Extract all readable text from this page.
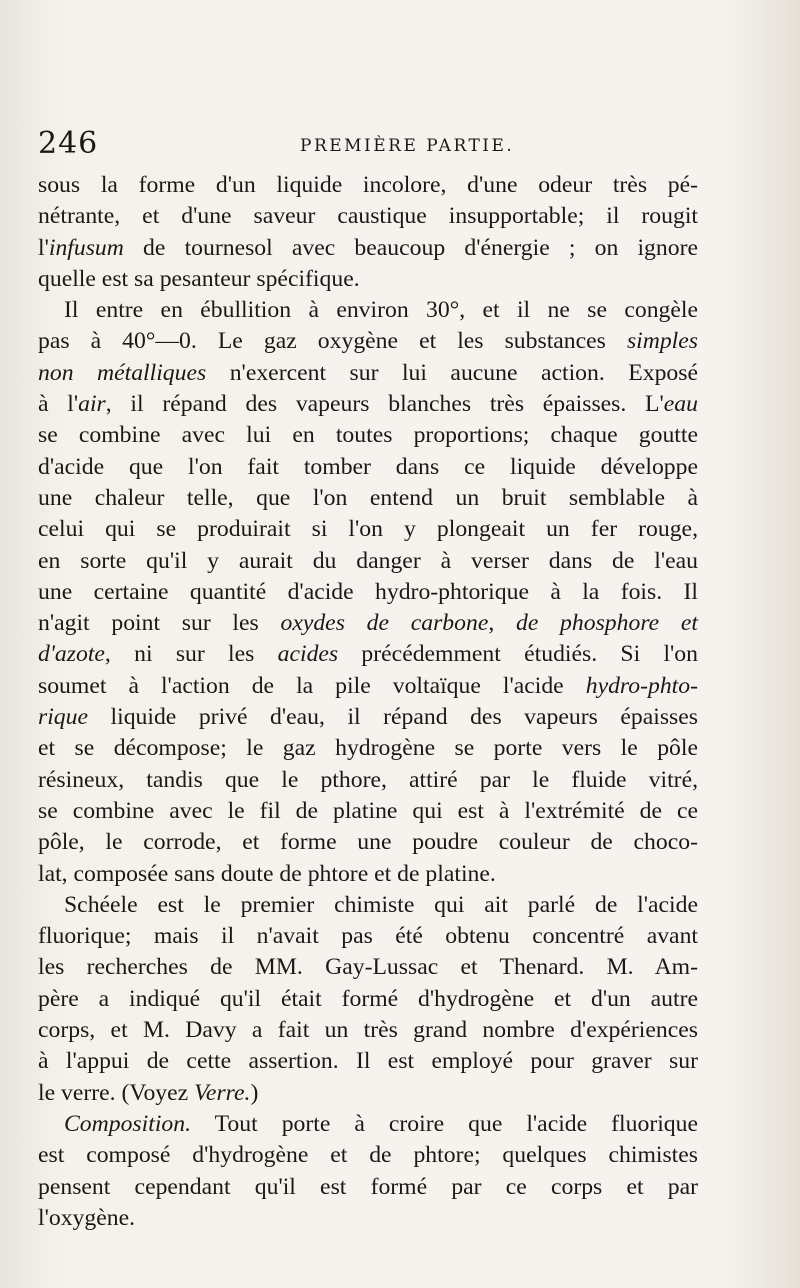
246	PREMIÈRE PARTIE.
sous la forme d'un liquide incolore, d'une odeur très pé-
nétrante, et d'une saveur caustique insupportable; il rougit
l'infusum de tournesol avec beaucoup d'énergie ; on ignore
quelle est sa pesanteur spécifique.
Il entre en ébullition à environ 30°, et il ne se congèle
pas à 40°—0. Le gaz oxygène et les substances simples
non métalliques n'exercent sur lui aucune action. Exposé
à l'air, il répand des vapeurs blanches très épaisses. L'eau
se combine avec lui en toutes proportions; chaque goutte
d'acide que l'on fait tomber dans ce liquide développe
une chaleur telle, que l'on entend un bruit semblable à
celui qui se produirait si l'on y plongeait un fer rouge,
en sorte qu'il y aurait du danger à verser dans de l'eau
une certaine quantité d'acide hydro-phtorique à la fois. Il
n'agit point sur les oxydes de carbone, de phosphore et
d'azote, ni sur les acides précédemment étudiés. Si l'on
soumet à l'action de la pile voltaïque l'acide hydro-phto-
rique liquide privé d'eau, il répand des vapeurs épaisses
et se décompose; le gaz hydrogène se porte vers le pôle
résineux, tandis que le pthore, attiré par le fluide vitré,
se combine avec le fil de platine qui est à l'extrémité de ce
pôle, le corrode, et forme une poudre couleur de choco-
lat, composée sans doute de phtore et de platine.
Schéele est le premier chimiste qui ait parlé de l'acide
fluorique; mais il n'avait pas été obtenu concentré avant
les recherches de MM. Gay-Lussac et Thenard. M. Am-
père a indiqué qu'il était formé d'hydrogène et d'un autre
corps, et M. Davy a fait un très grand nombre d'expériences
à l'appui de cette assertion. Il est employé pour graver sur
le verre. (Voyez Verre.)
Composition. Tout porte à croire que l'acide fluorique
est composé d'hydrogène et de phtore; quelques chimistes
pensent cependant qu'il est formé par ce corps et par
l'oxygène.
